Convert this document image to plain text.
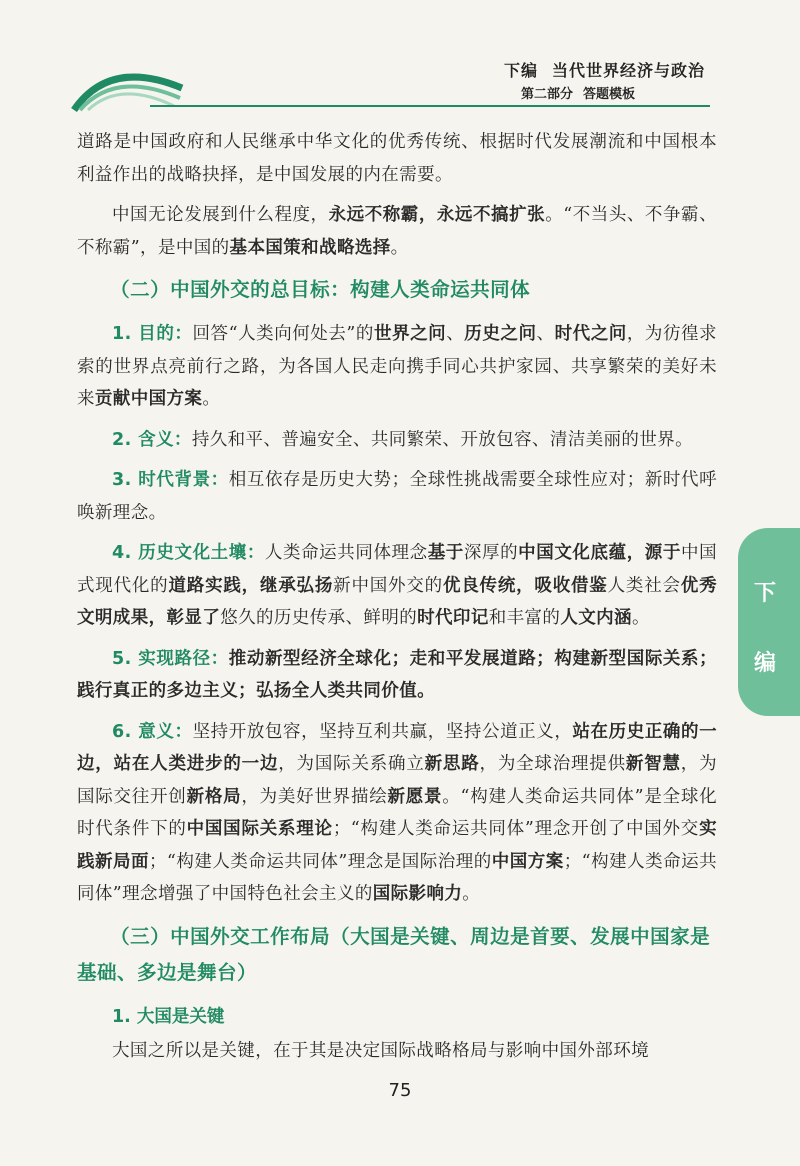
下编 当代世界经济与政治
第二部分 答题模板

道路是中国政府和人民继承中华文化的优秀传统、根据时代发展潮流和中国根本利益作出的战略抉择，是中国发展的内在需要。

中国无论发展到什么程度，永远不称霸，永远不搞扩张。“不当头、不争霸、不称霸”，是中国的基本国策和战略选择。

（二）中国外交的总目标：构建人类命运共同体

1. 目的：回答“人类向何处去”的世界之问、历史之问、时代之问，为彷徨求索的世界点亮前行之路，为各国人民走向携手同心共护家园、共享繁荣的美好未来贡献中国方案。

2. 含义：持久和平、普遍安全、共同繁荣、开放包容、清洁美丽的世界。

3. 时代背景：相互依存是历史大势；全球性挑战需要全球性应对；新时代呼唤新理念。

4. 历史文化土壤：人类命运共同体理念基于深厚的中国文化底蕴，源于中国式现代化的道路实践，继承弘扬新中国外交的优良传统，吸收借鉴人类社会优秀文明成果，彰显了悠久的历史传承、鲜明的时代印记和丰富的人文内涵。

5. 实现路径：推动新型经济全球化；走和平发展道路；构建新型国际关系；践行真正的多边主义；弘扬全人类共同价值。

6. 意义：坚持开放包容，坚持互利共赢，坚持公道正义，站在历史正确的一边，站在人类进步的一边，为国际关系确立新思路，为全球治理提供新智慧，为国际交往开创新格局，为美好世界描绘新愿景。“构建人类命运共同体”是全球化时代条件下的中国国际关系理论；“构建人类命运共同体”理念开创了中国外交实践新局面；“构建人类命运共同体”理念是国际治理的中国方案；“构建人类命运共同体”理念增强了中国特色社会主义的国际影响力。

（三）中国外交工作布局（大国是关键、周边是首要、发展中国家是基础、多边是舞台）
1. 大国是关键

大国之所以是关键，在于其是决定国际战略格局与影响中国外部环境

下
编
75
